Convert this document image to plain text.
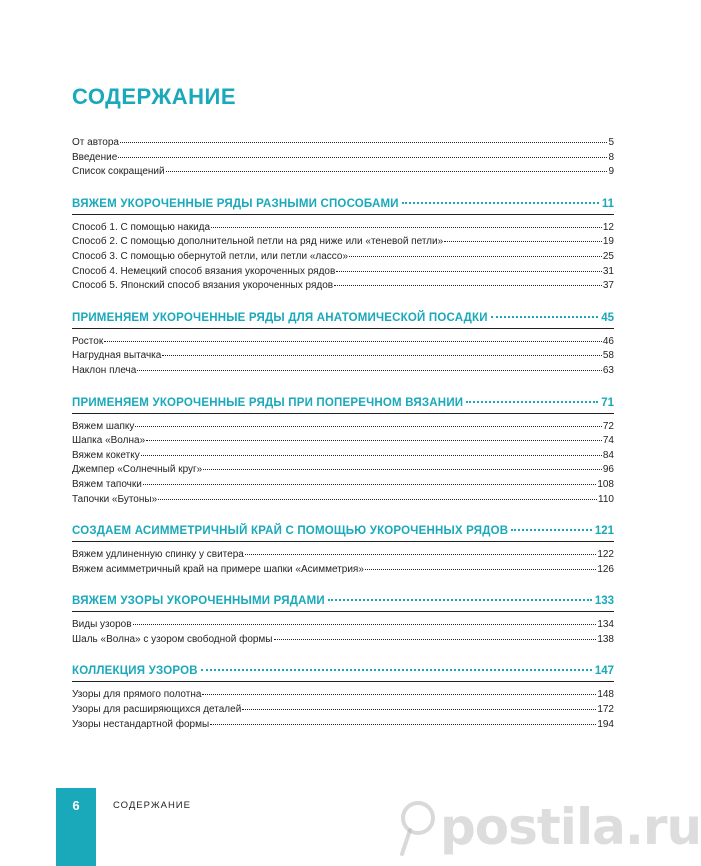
СОДЕРЖАНИЕ
От автора	5
Введение	8
Список сокращений	9
ВЯЖЕМ УКОРОЧЕННЫЕ РЯДЫ РАЗНЫМИ СПОСОБАМИ	11
Способ 1. С помощью накида	12
Способ 2. С помощью дополнительной петли на ряд ниже или «теневой петли»	19
Способ 3. С помощью обернутой петли, или петли «лассо»	25
Способ 4. Немецкий способ вязания укороченных рядов	31
Способ 5. Японский способ вязания укороченных рядов	37
ПРИМЕНЯЕМ УКОРОЧЕННЫЕ РЯДЫ ДЛЯ АНАТОМИЧЕСКОЙ ПОСАДКИ	45
Росток	46
Нагрудная вытачка	58
Наклон плеча	63
ПРИМЕНЯЕМ УКОРОЧЕННЫЕ РЯДЫ ПРИ ПОПЕРЕЧНОМ ВЯЗАНИИ	71
Вяжем шапку	72
Шапка «Волна»	74
Вяжем кокетку	84
Джемпер «Солнечный круг»	96
Вяжем тапочки	108
Тапочки «Бутоны»	110
СОЗДАЕМ АСИММЕТРИЧНЫЙ КРАЙ С ПОМОЩЬЮ УКОРОЧЕННЫХ РЯДОВ	121
Вяжем удлиненную спинку у свитера	122
Вяжем асимметричный край на примере шапки «Асимметрия»	126
ВЯЖЕМ УЗОРЫ УКОРОЧЕННЫМИ РЯДАМИ	133
Виды узоров	134
Шаль «Волна» с узором свободной формы	138
КОЛЛЕКЦИЯ УЗОРОВ	147
Узоры для прямого полотна	148
Узоры для расширяющихся деталей	172
Узоры нестандартной формы	194
6	СОДЕРЖАНИЕ	postila.ru
